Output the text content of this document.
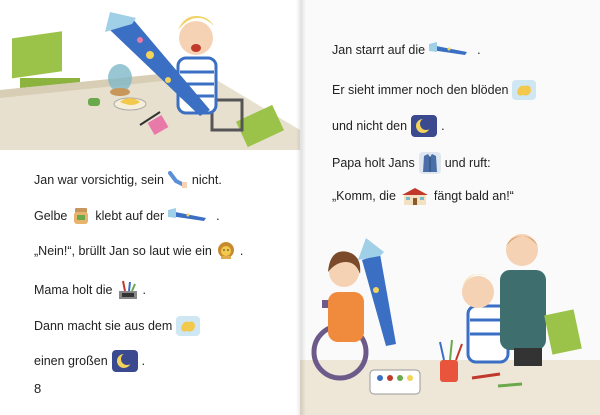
Jan war vorsichtig, sein nicht.
Gelbe klebt auf der	.
„Nein!“, brüllt Jan so laut wie ein .
Mama holt die .
Dann macht sie aus dem
einen großen	.
8
Jan starrt auf die	.
Er sieht immer noch den blöden
und nicht den	.
Papa holt Jans und ruft:
„Komm, die	fängt bald an!“
